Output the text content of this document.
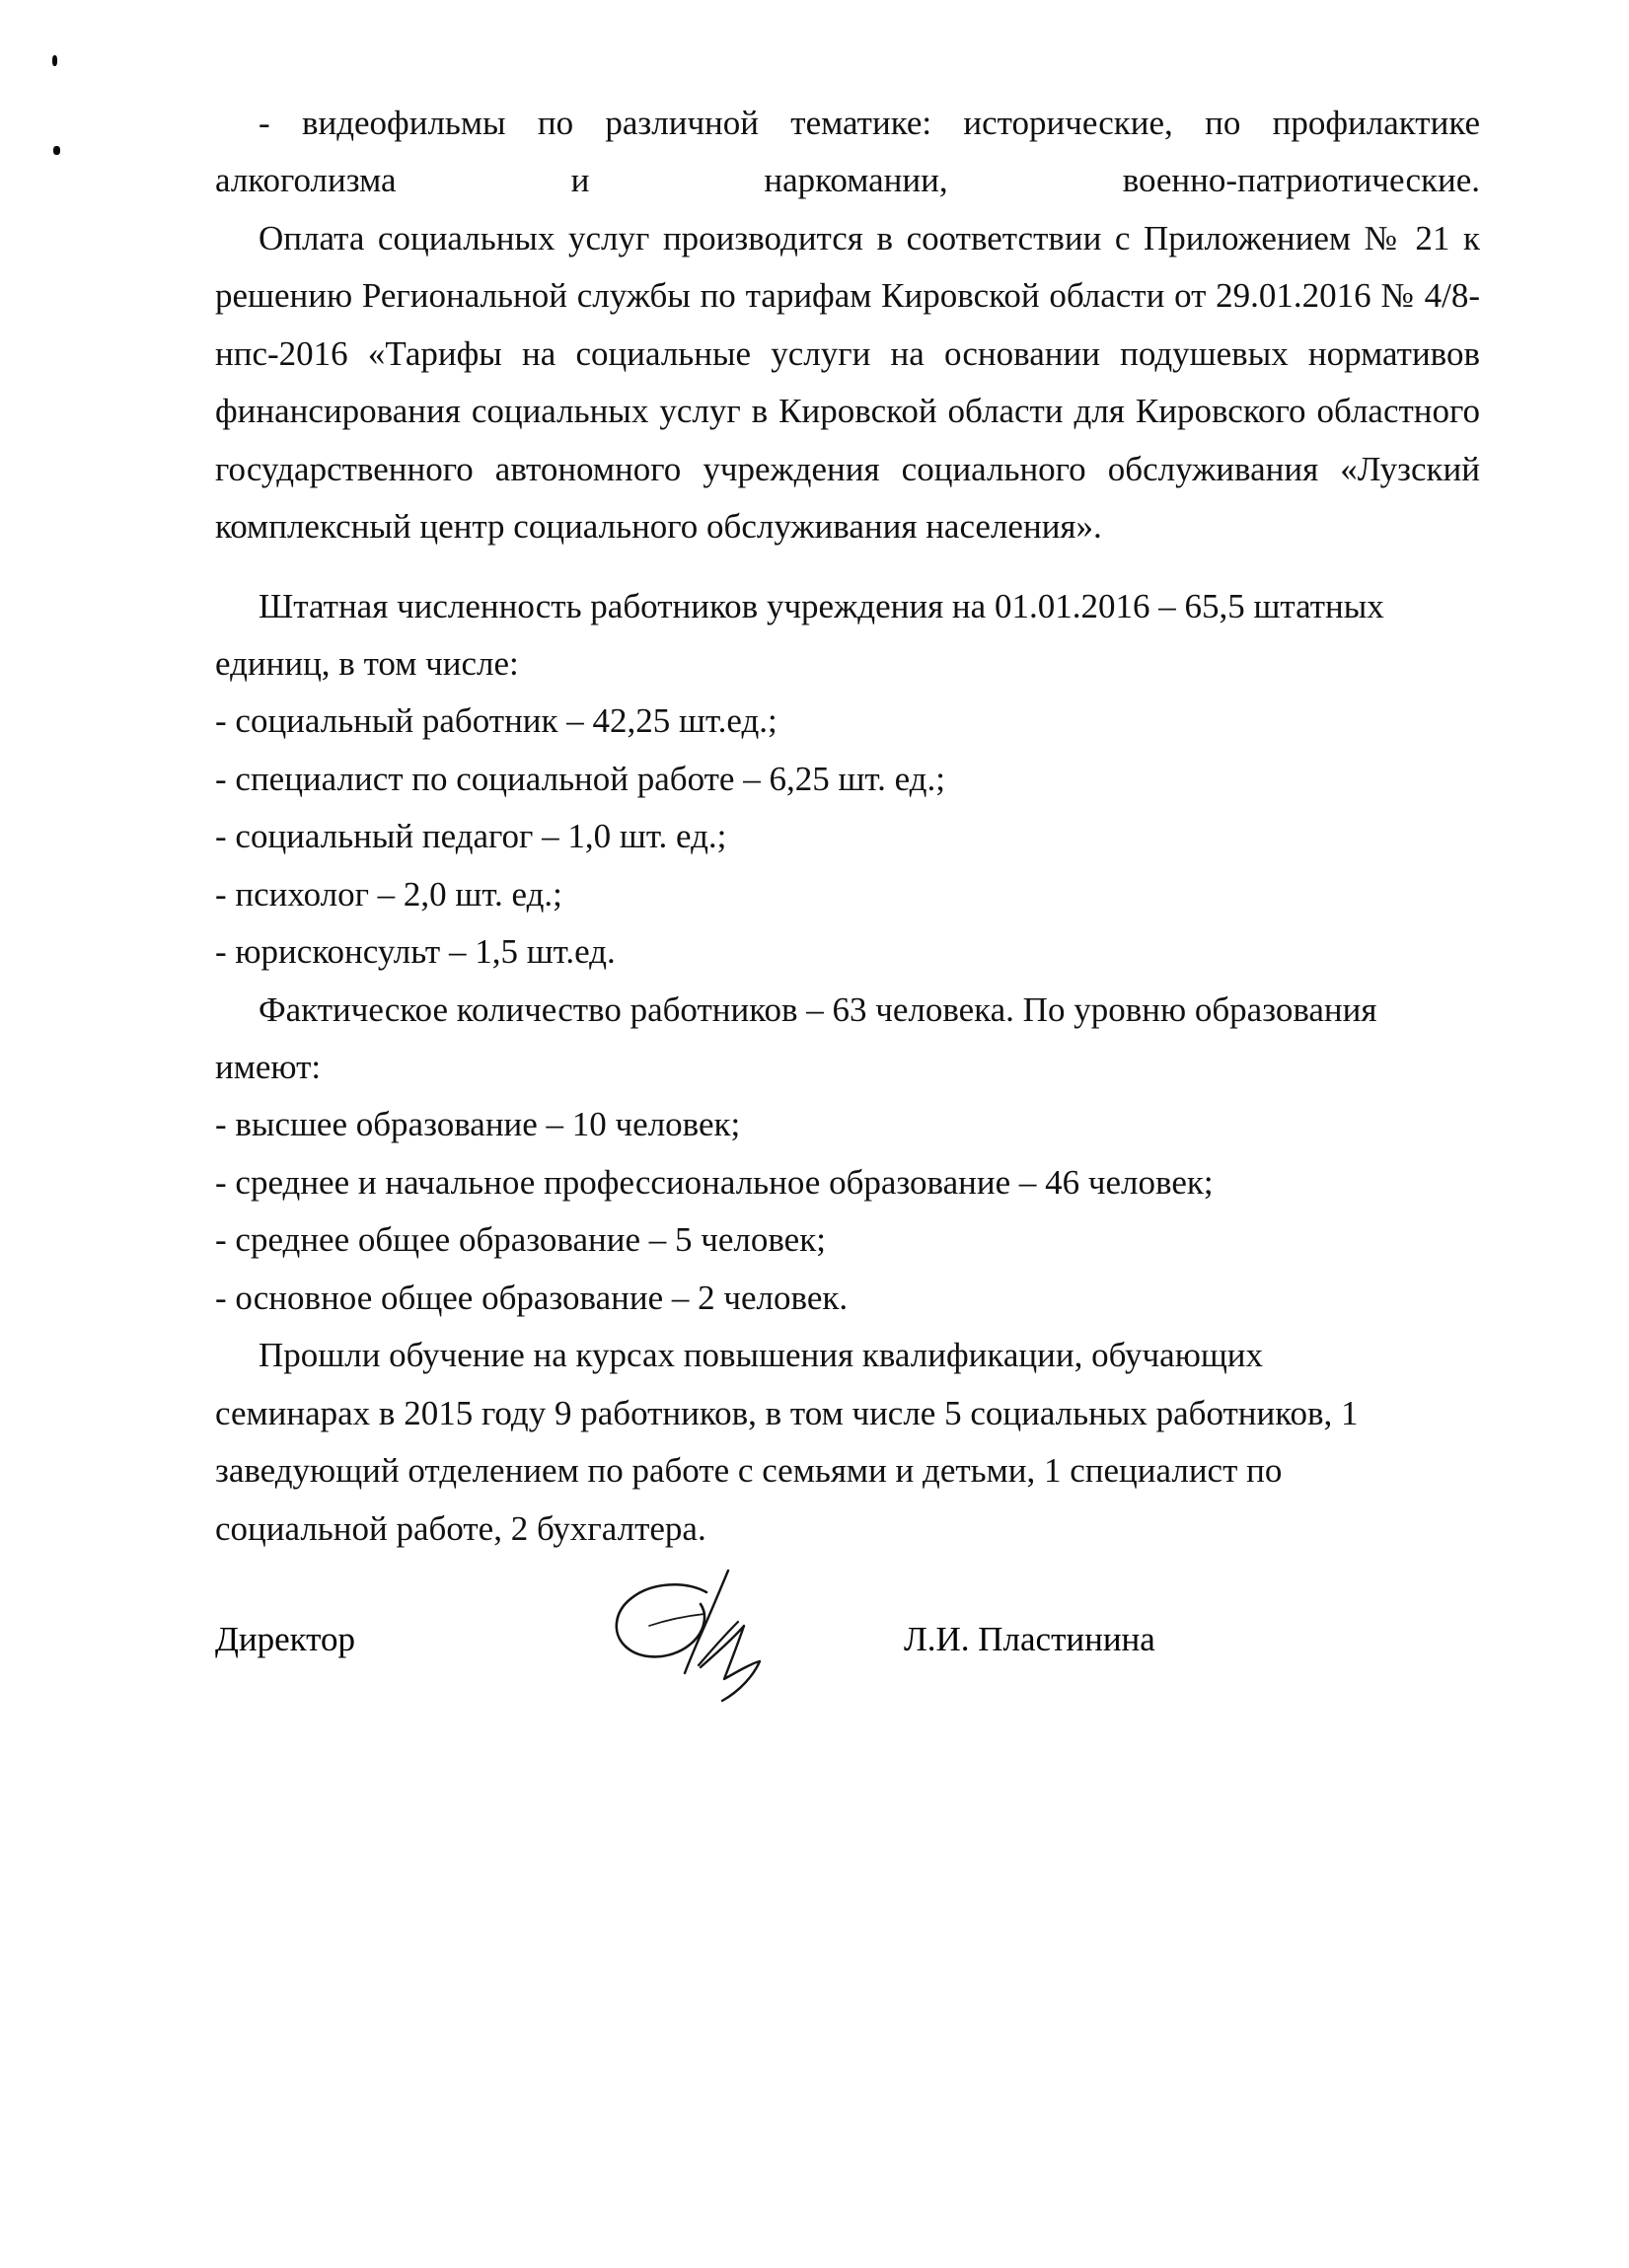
- видеофильмы по различной тематике: исторические, по профилактике алкоголизма и наркомании, военно-патриотические.

Оплата социальных услуг производится в соответствии с Приложением № 21 к решению Региональной службы по тарифам Кировской области от 29.01.2016 № 4/8-нпс-2016 «Тарифы на социальные услуги на основании подушевых нормативов финансирования социальных услуг в Кировской области для Кировского областного государственного автономного учреждения социального обслуживания «Лузский комплексный центр социального обслуживания населения».

Штатная численность работников учреждения на 01.01.2016 – 65,5 штатных единиц, в том числе:

- социальный работник – 42,25 шт.ед.;

- специалист по социальной работе – 6,25 шт. ед.;

- социальный педагог – 1,0 шт. ед.;

- психолог – 2,0 шт. ед.;

- юрисконсульт – 1,5 шт.ед.

Фактическое количество работников – 63 человека. По уровню образования имеют:

- высшее образование – 10 человек;

- среднее и начальное профессиональное образование – 46 человек;

- среднее общее образование – 5 человек;

- основное общее образование – 2 человек.

Прошли обучение на курсах повышения квалификации, обучающих семинарах в 2015 году 9 работников, в том числе 5 социальных работников, 1 заведующий отделением по работе с семьями и детьми, 1 специалист по социальной работе, 2 бухгалтера.

Директор	Л.И. Пластинина
